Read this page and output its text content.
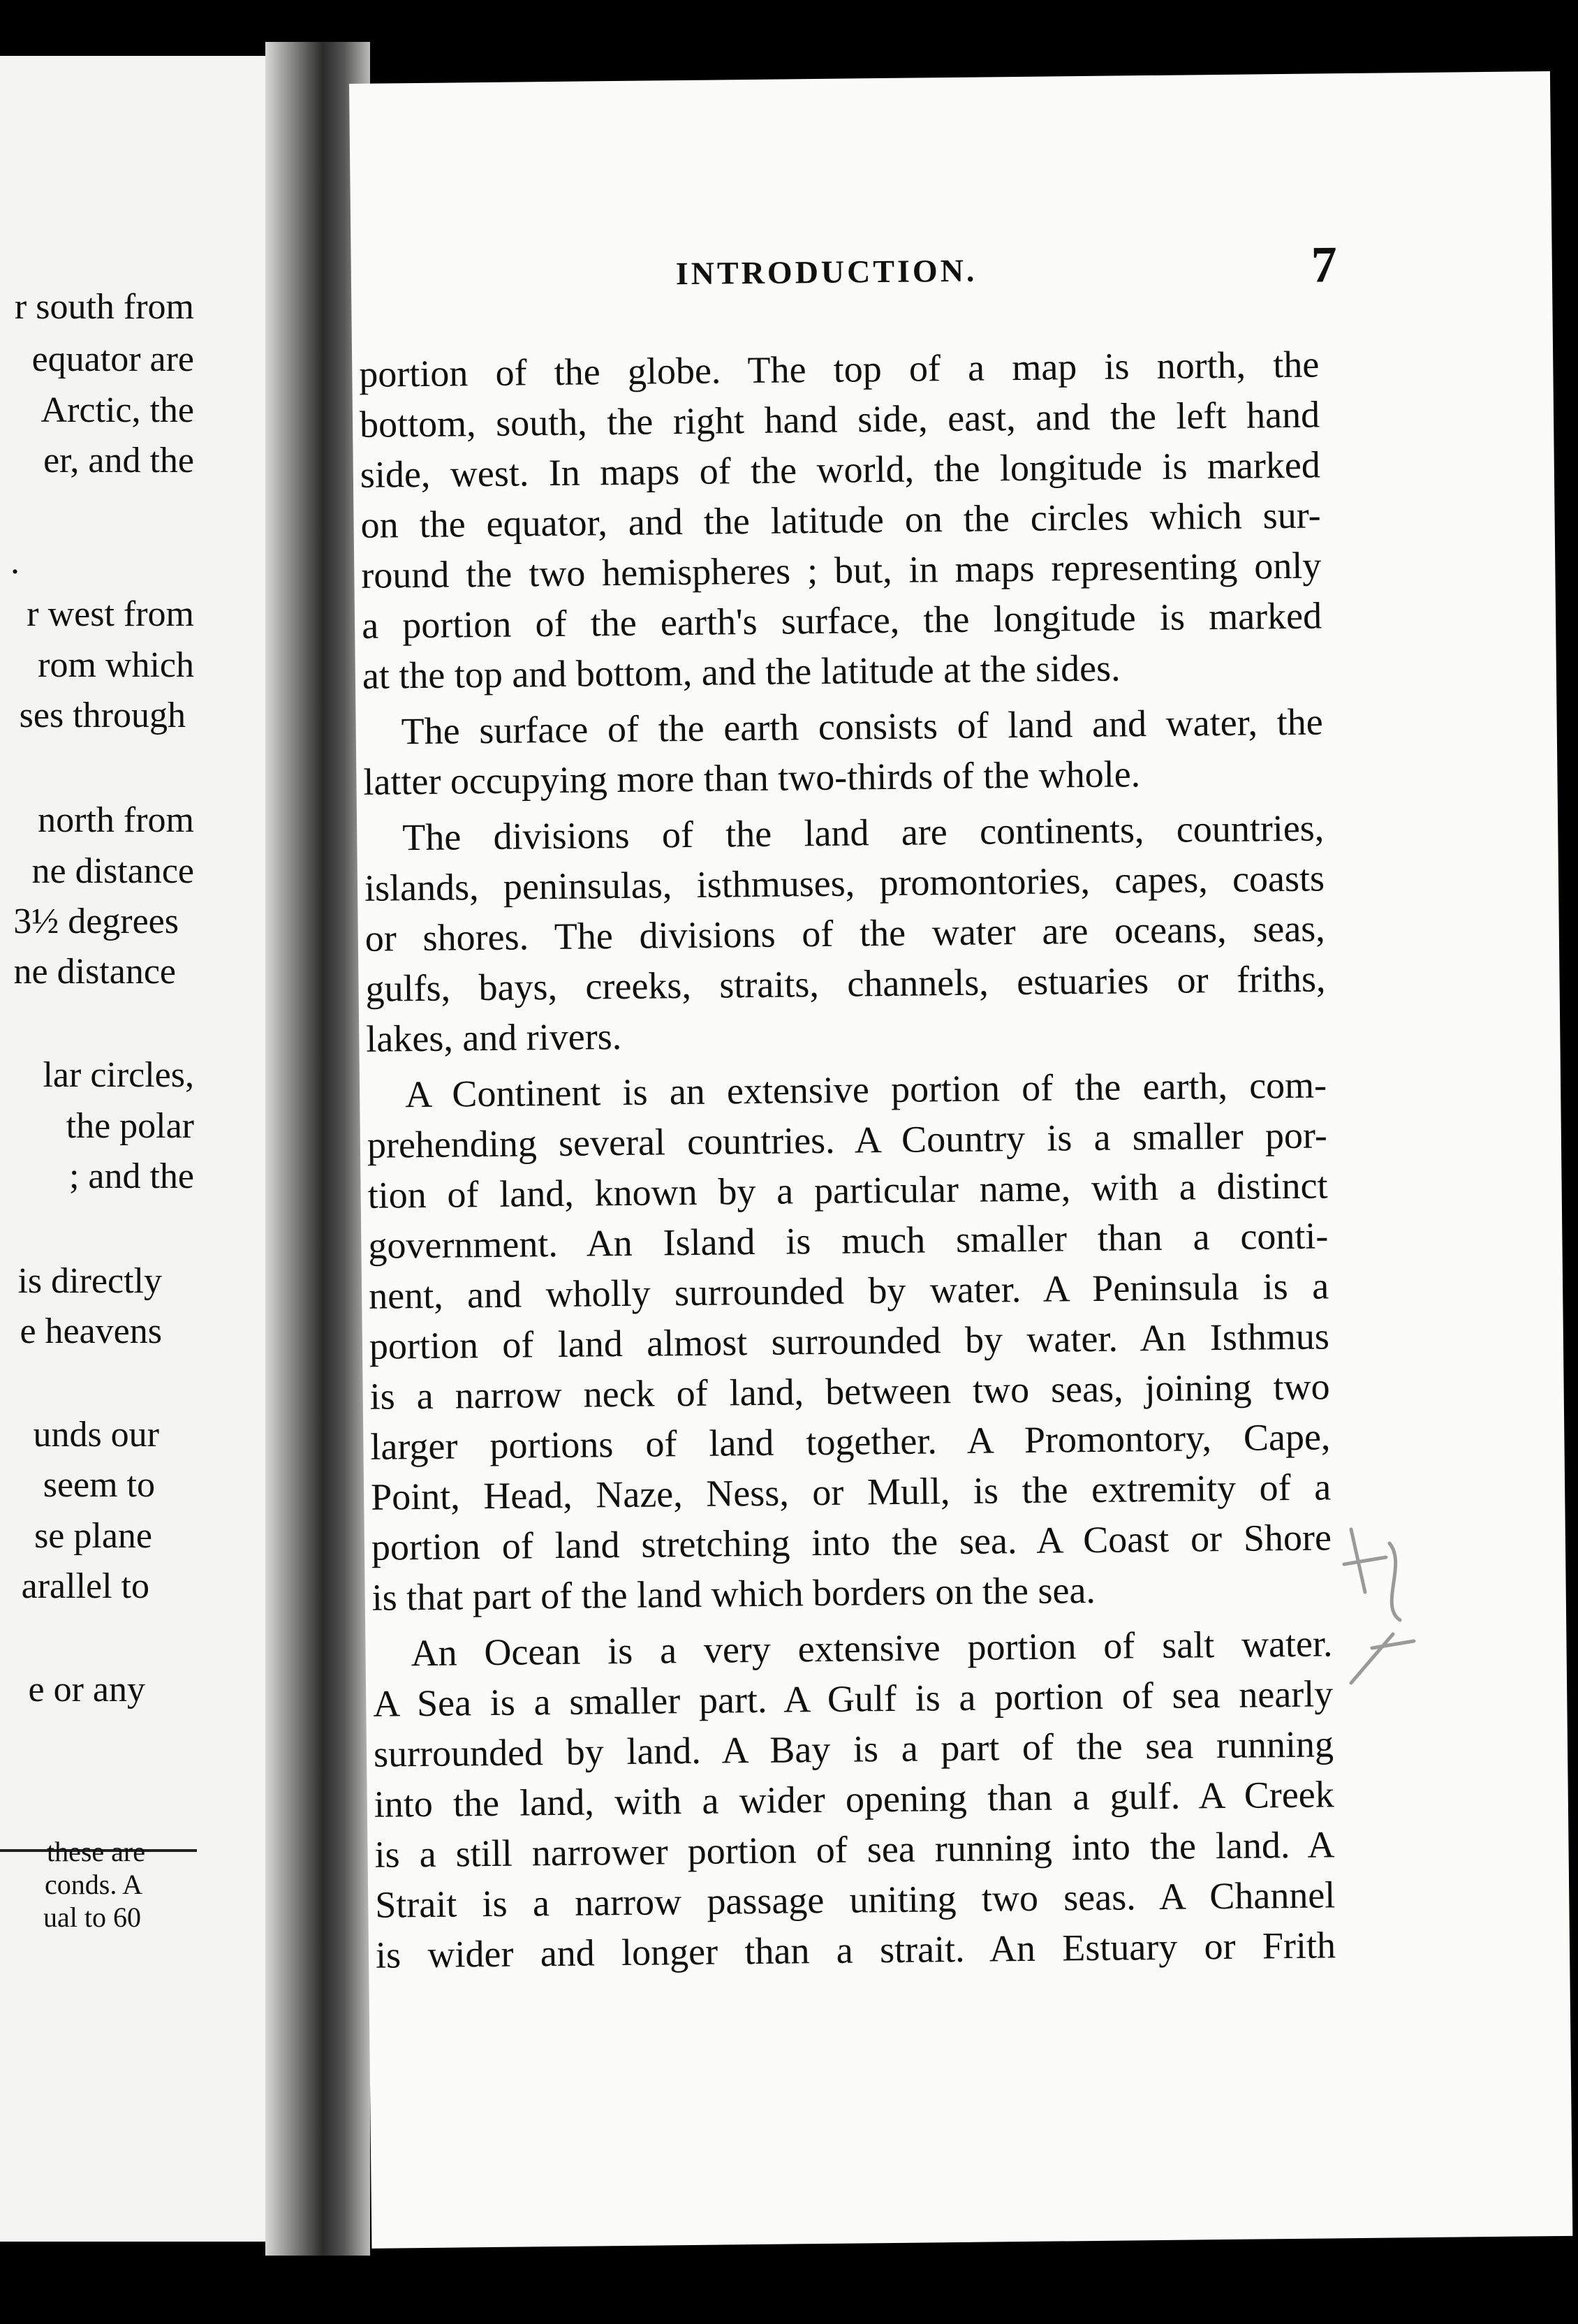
r south from
equator are
Arctic, the
er, and the
.
r west from
rom which
ses through
north from
ne distance
3½ degrees
ne distance
lar circles,
the polar
; and the
is directly
e heavens
unds our
seem to
se plane
arallel to
e or any
these are
conds. A
ual to 60
INTRODUCTION.	7
portion of the globe. The top of a map is north, the
bottom, south, the right hand side, east, and the left hand
side, west. In maps of the world, the longitude is marked
on the equator, and the latitude on the circles which sur-
round the two hemispheres ; but, in maps representing only
a portion of the earth's surface, the longitude is marked
at the top and bottom, and the latitude at the sides.
The surface of the earth consists of land and water, the
latter occupying more than two-thirds of the whole.
The divisions of the land are continents, countries,
islands, peninsulas, isthmuses, promontories, capes, coasts
or shores. The divisions of the water are oceans, seas,
gulfs, bays, creeks, straits, channels, estuaries or friths,
lakes, and rivers.
A Continent is an extensive portion of the earth, com-
prehending several countries. A Country is a smaller por-
tion of land, known by a particular name, with a distinct
government. An Island is much smaller than a conti-
nent, and wholly surrounded by water. A Peninsula is a
portion of land almost surrounded by water. An Isthmus
is a narrow neck of land, between two seas, joining two
larger portions of land together. A Promontory, Cape,
Point, Head, Naze, Ness, or Mull, is the extremity of a
portion of land stretching into the sea. A Coast or Shore
is that part of the land which borders on the sea.
An Ocean is a very extensive portion of salt water.
A Sea is a smaller part. A Gulf is a portion of sea nearly
surrounded by land. A Bay is a part of the sea running
into the land, with a wider opening than a gulf. A Creek
is a still narrower portion of sea running into the land. A
Strait is a narrow passage uniting two seas. A Channel
is wider and longer than a strait. An Estuary or Frith
